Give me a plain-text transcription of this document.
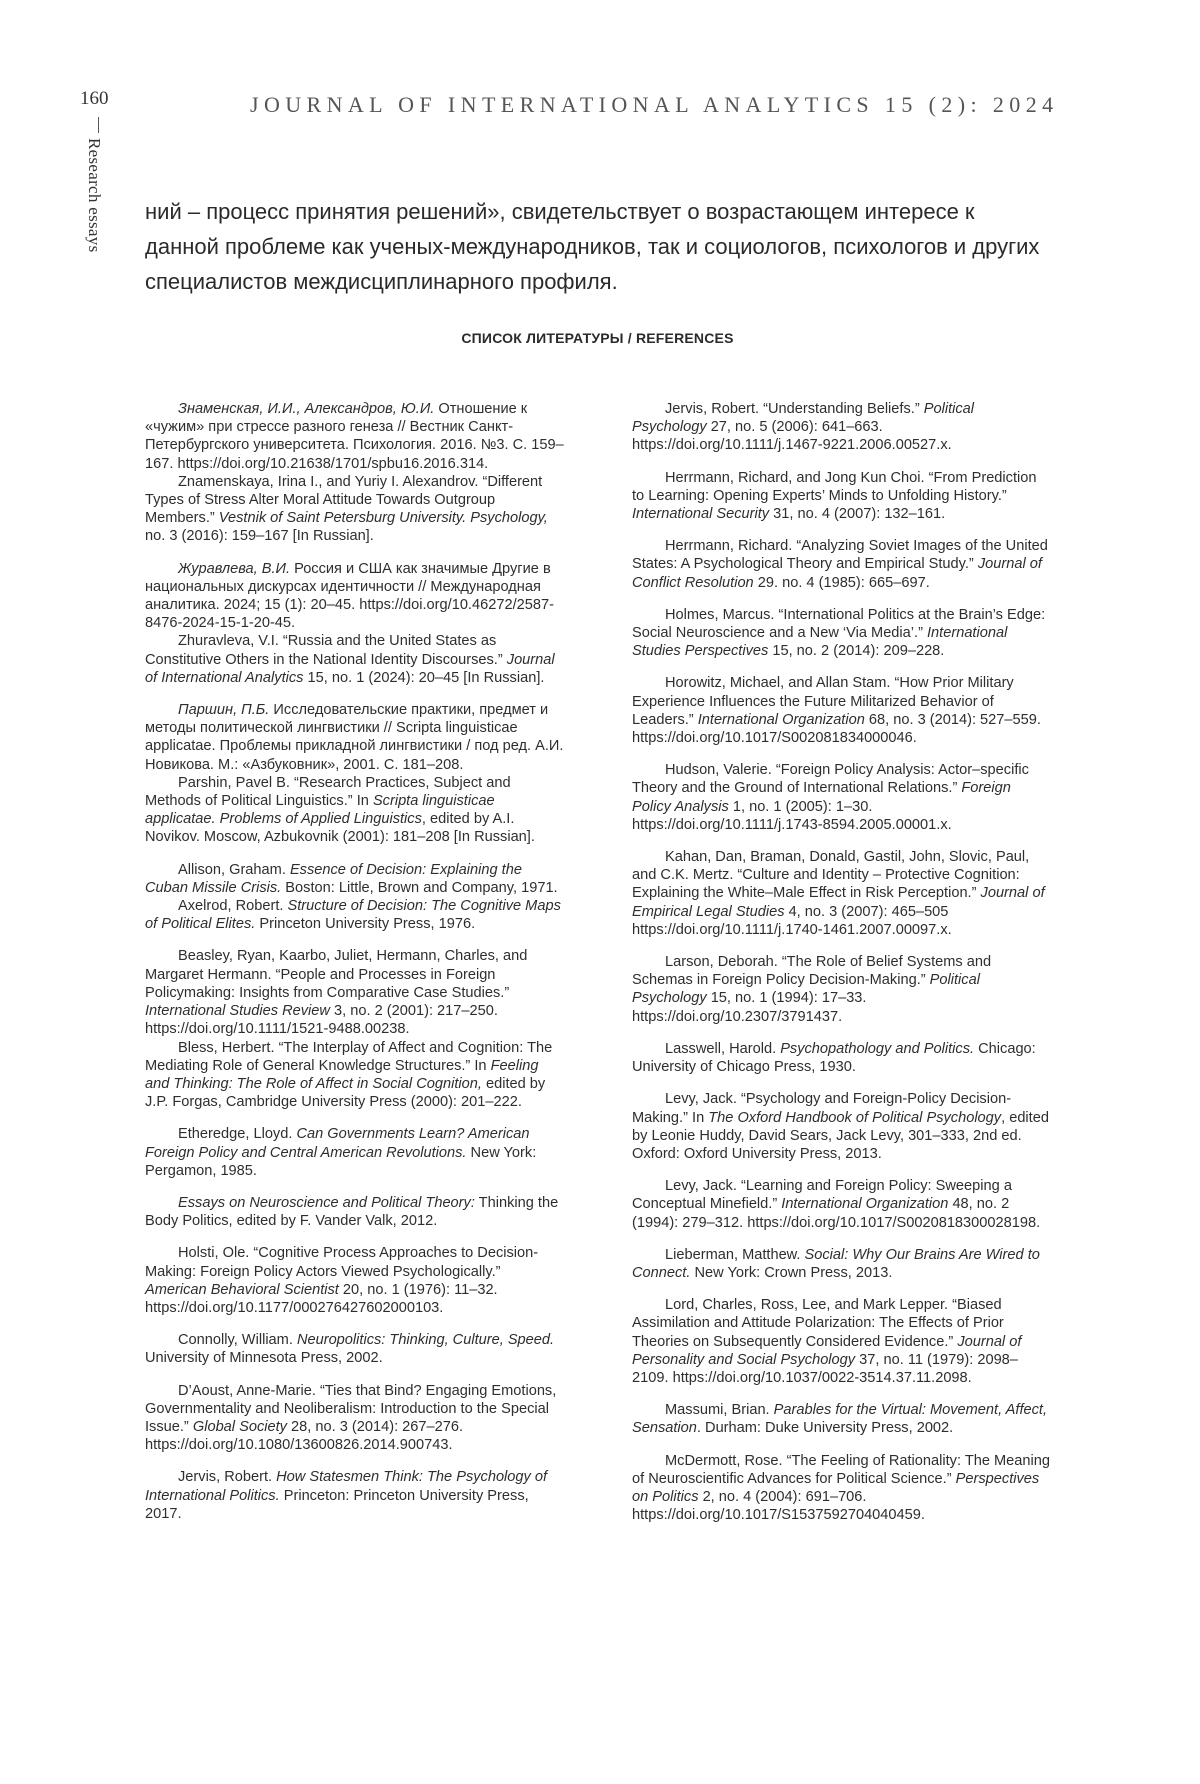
160
Research essays
JOURNAL OF INTERNATIONAL ANALYTICS 15 (2): 2024

ний – процесс принятия решений», свидетельствует о возрастающем интересе к данной проблеме как ученых-международников, так и социологов, психологов и других специалистов междисциплинарного профиля.

СПИСОК ЛИТЕРАТУРЫ / REFERENCES

Знаменская, И.И., Александров, Ю.И. Отношение к «чужим» при стрессе разного генеза // Вестник Санкт-Петербургского университета. Психология. 2016. №3. С. 159–167. https://doi.org/10.21638/1701/spbu16.2016.314.

Znamenskaya, Irina I., and Yuriy I. Alexandrov. “Different Types of Stress Alter Moral Attitude Towards Outgroup Members.” Vestnik of Saint Petersburg University. Psychology, no. 3 (2016): 159–167 [In Russian].

Журавлева, В.И. Россия и США как значимые Другие в национальных дискурсах идентичности // Международная аналитика. 2024; 15 (1): 20–45. https://doi.org/10.46272/2587-8476-2024-15-1-20-45.

Zhuravleva, V.I. “Russia and the United States as Constitutive Others in the National Identity Discourses.” Journal of International Analytics 15, no. 1 (2024): 20–45 [In Russian].

Паршин, П.Б. Исследовательские практики, предмет и методы политической лингвистики // Scripta linguisticae applicatae. Проблемы прикладной лингвистики / под ред. А.И. Новикова. М.: «Азбуковник», 2001. С. 181–208.

Parshin, Pavel B. “Research Practices, Subject and Methods of Political Linguistics.” In Scripta linguisticae applicatae. Problems of Applied Linguistics, edited by A.I. Novikov. Moscow, Azbukovnik (2001): 181–208 [In Russian].

Allison, Graham. Essence of Decision: Explaining the Cuban Missile Crisis. Boston: Little, Brown and Company, 1971.

Axelrod, Robert. Structure of Decision: The Cognitive Maps of Political Elites. Princeton University Press, 1976.

Beasley, Ryan, Kaarbo, Juliet, Hermann, Charles, and Margaret Hermann. “People and Processes in Foreign Policymaking: Insights from Comparative Case Studies.” International Studies Review 3, no. 2 (2001): 217–250. https://doi.org/10.1111/1521-9488.00238.

Bless, Herbert. “The Interplay of Affect and Cognition: The Mediating Role of General Knowledge Structures.” In Feeling and Thinking: The Role of Affect in Social Cognition, edited by J.P. Forgas, Cambridge University Press (2000): 201–222.

Etheredge, Lloyd. Can Governments Learn? American Foreign Policy and Central American Revolutions. New York: Pergamon, 1985.

Essays on Neuroscience and Political Theory: Thinking the Body Politics, edited by F. Vander Valk, 2012.

Holsti, Ole. “Cognitive Process Approaches to Decision-Making: Foreign Policy Actors Viewed Psychologically.” American Behavioral Scientist 20, no. 1 (1976): 11–32. https://doi.org/10.1177/000276427602000103.

Connolly, William. Neuropolitics: Thinking, Culture, Speed. University of Minnesota Press, 2002.

D’Aoust, Anne-Marie. “Ties that Bind? Engaging Emotions, Governmentality and Neoliberalism: Introduction to the Special Issue.” Global Society 28, no. 3 (2014): 267–276. https://doi.org/10.1080/13600826.2014.900743.

Jervis, Robert. How Statesmen Think: The Psychology of International Politics. Princeton: Princeton University Press, 2017.

Jervis, Robert. “Understanding Beliefs.” Political Psychology 27, no. 5 (2006): 641–663. https://doi.org/10.1111/j.1467-9221.2006.00527.x.

Herrmann, Richard, and Jong Kun Choi. “From Prediction to Learning: Opening Experts’ Minds to Unfolding History.” International Security 31, no. 4 (2007): 132–161.

Herrmann, Richard. “Analyzing Soviet Images of the United States: A Psychological Theory and Empirical Study.” Journal of Conflict Resolution 29. no. 4 (1985): 665–697.

Holmes, Marcus. “International Politics at the Brain’s Edge: Social Neuroscience and a New ‘Via Media’.” International Studies Perspectives 15, no. 2 (2014): 209–228.

Horowitz, Michael, and Allan Stam. “How Prior Military Experience Influences the Future Militarized Behavior of Leaders.” International Organization 68, no. 3 (2014): 527–559. https://doi.org/10.1017/S002081834000046.

Hudson, Valerie. “Foreign Policy Analysis: Actor–specific Theory and the Ground of International Relations.” Foreign Policy Analysis 1, no. 1 (2005): 1–30. https://doi.org/10.1111/j.1743-8594.2005.00001.x.

Kahan, Dan, Braman, Donald, Gastil, John, Slovic, Paul, and C.K. Mertz. “Culture and Identity – Protective Cognition: Explaining the White–Male Effect in Risk Perception.” Journal of Empirical Legal Studies 4, no. 3 (2007): 465–505 https://doi.org/10.1111/j.1740-1461.2007.00097.x.

Larson, Deborah. “The Role of Belief Systems and Schemas in Foreign Policy Decision-Making.” Political Psychology 15, no. 1 (1994): 17–33. https://doi.org/10.2307/3791437.

Lasswell, Harold. Psychopathology and Politics. Chicago: University of Chicago Press, 1930.

Levy, Jack. “Psychology and Foreign-Policy Decision-Making.” In The Oxford Handbook of Political Psychology, edited by Leonie Huddy, David Sears, Jack Levy, 301–333, 2nd ed. Oxford: Oxford University Press, 2013.

Levy, Jack. “Learning and Foreign Policy: Sweeping a Conceptual Minefield.” International Organization 48, no. 2 (1994): 279–312. https://doi.org/10.1017/S0020818300028198.

Lieberman, Matthew. Social: Why Our Brains Are Wired to Connect. New York: Crown Press, 2013.

Lord, Charles, Ross, Lee, and Mark Lepper. “Biased Assimilation and Attitude Polarization: The Effects of Prior Theories on Subsequently Considered Evidence.” Journal of Personality and Social Psychology 37, no. 11 (1979): 2098–2109. https://doi.org/10.1037/0022-3514.37.11.2098.

Massumi, Brian. Parables for the Virtual: Movement, Affect, Sensation. Durham: Duke University Press, 2002.

McDermott, Rose. “The Feeling of Rationality: The Meaning of Neuroscientific Advances for Political Science.” Perspectives on Politics 2, no. 4 (2004): 691–706. https://doi.org/10.1017/S1537592704040459.
